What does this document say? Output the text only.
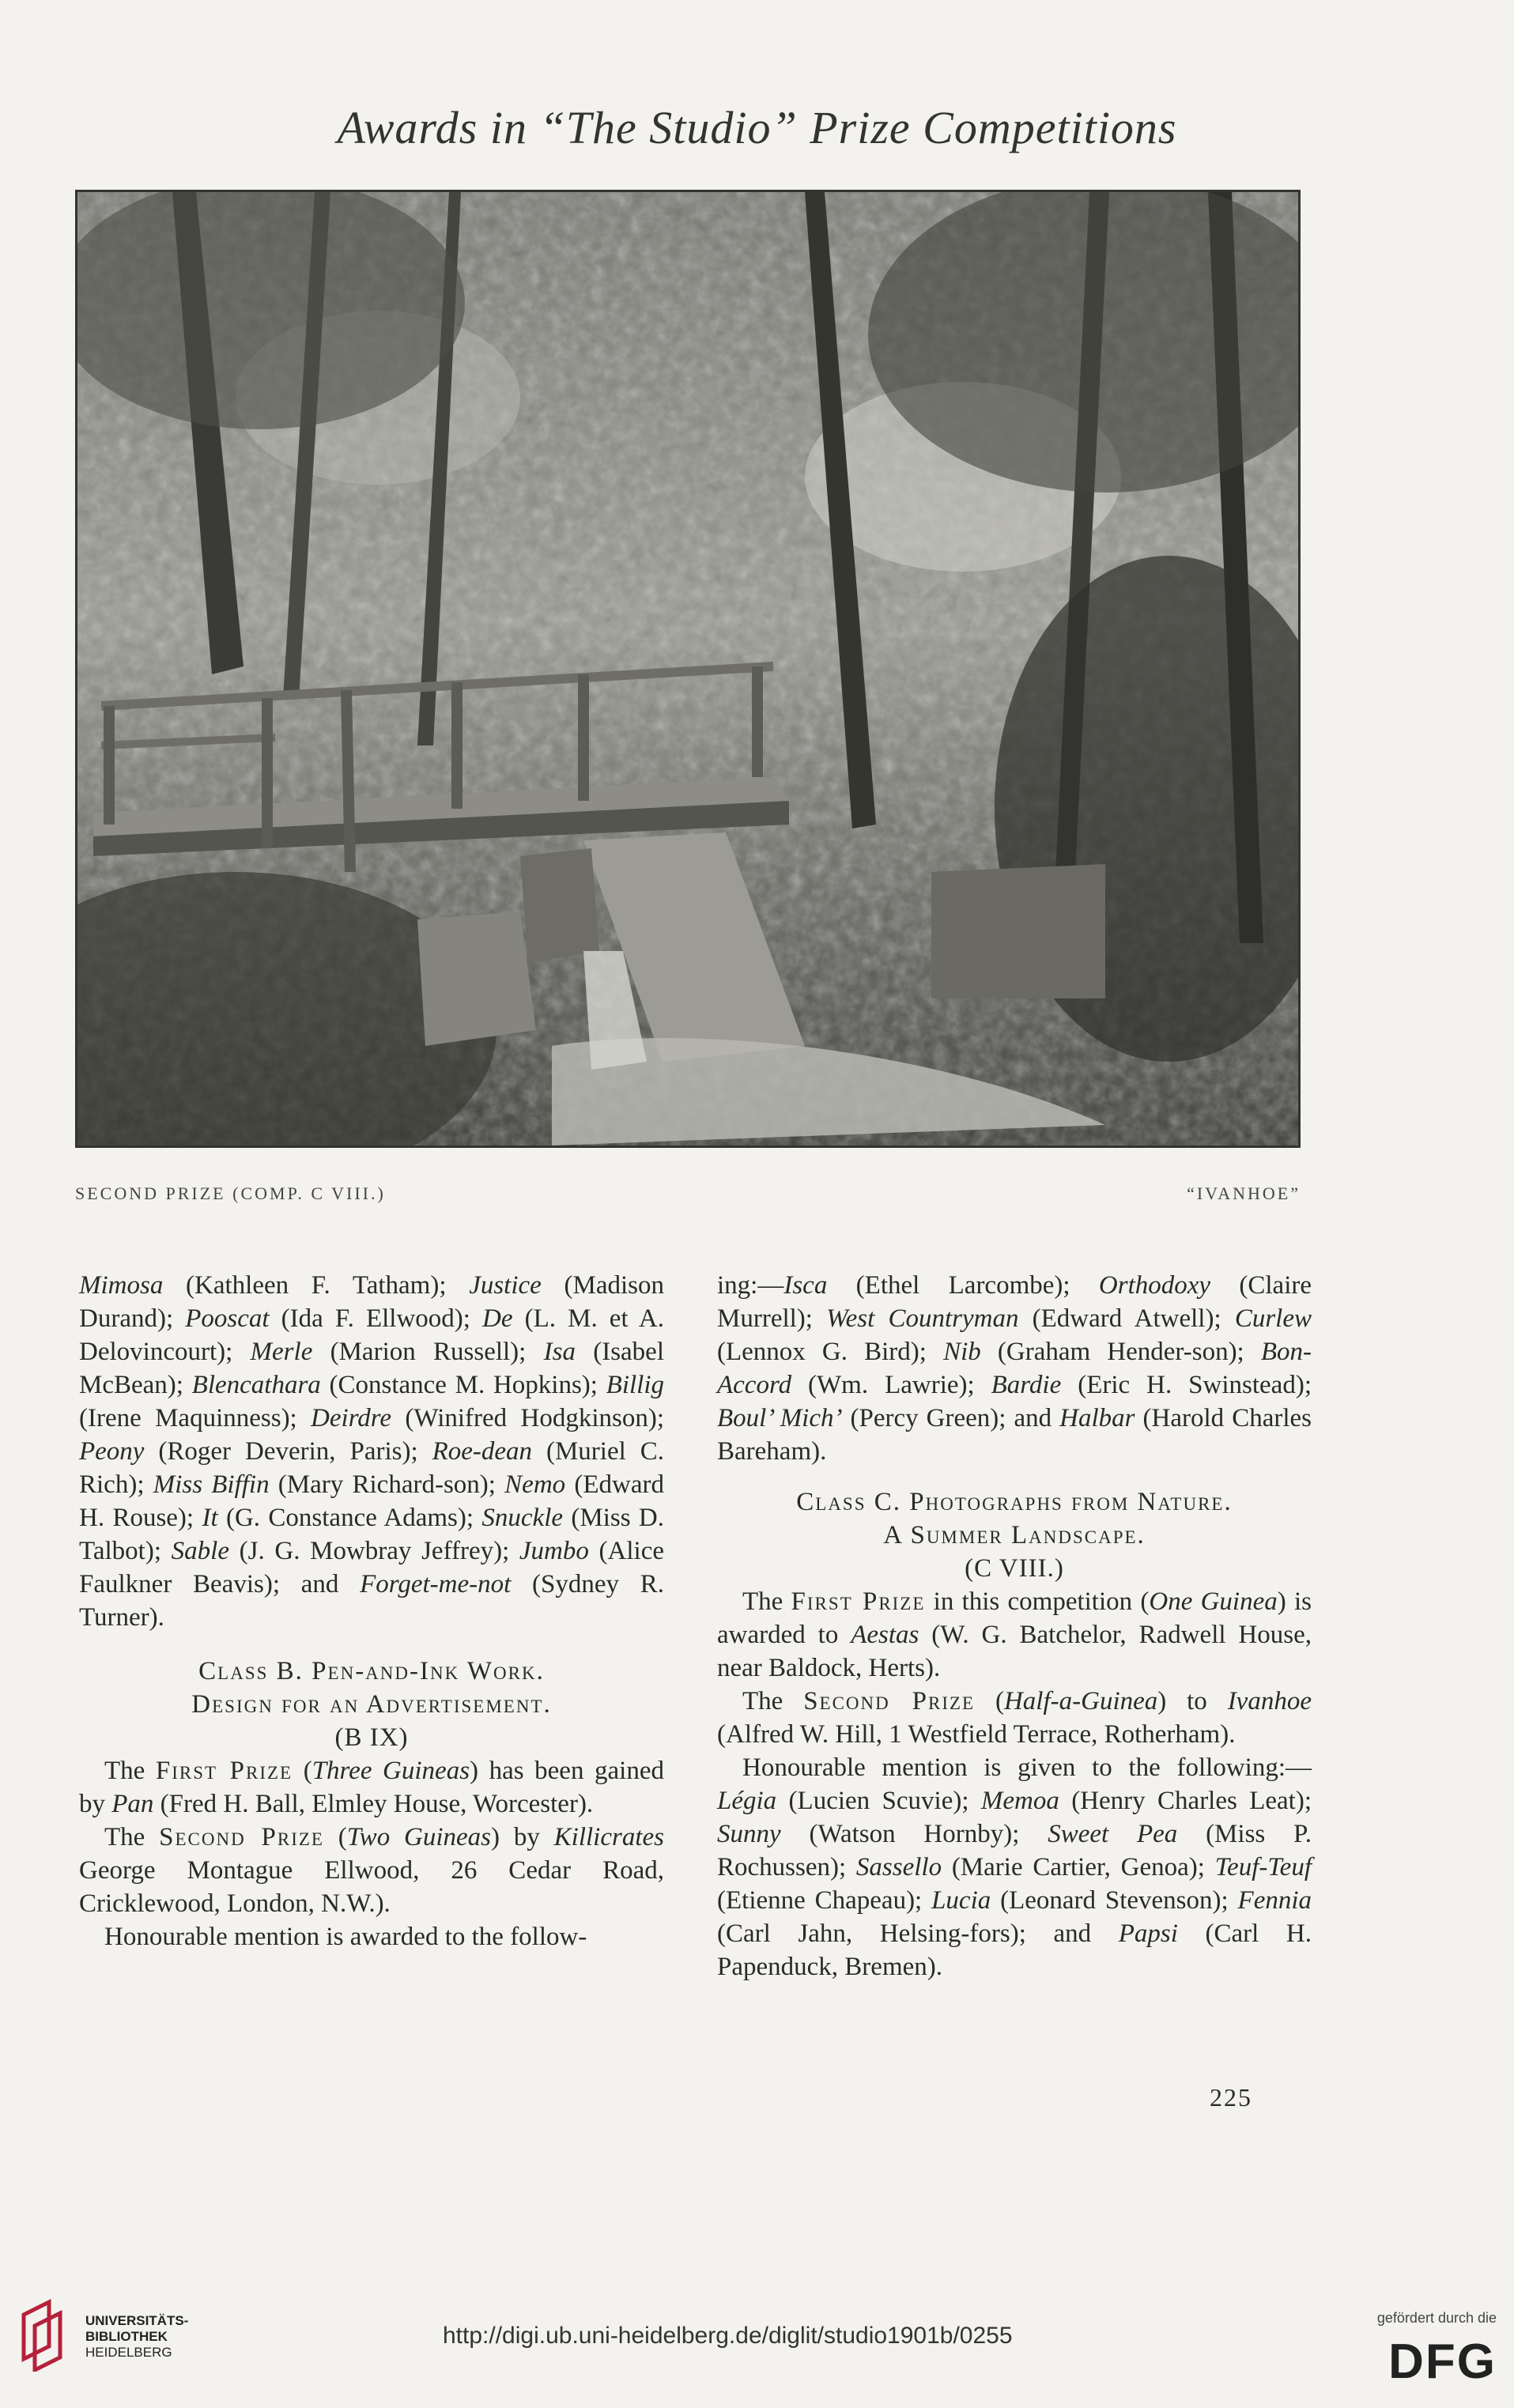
Awards in “The Studio” Prize Competitions
SECOND PRIZE (COMP. C VIII.)	“IVANHOE”

Mimosa (Kathleen F. Tatham); Justice (Madison Durand); Pooscat (Ida F. Ellwood); De (L. M. et A. Delovincourt); Merle (Marion Russell); Isa (Isabel McBean); Blencathara (Constance M. Hopkins); Billig (Irene Maquinness); Deirdre (Winifred Hodgkinson); Peony (Roger Deverin, Paris); Roe-dean (Muriel C. Rich); Miss Biffin (Mary Richard-son); Nemo (Edward H. Rouse); It (G. Constance Adams); Snuckle (Miss D. Talbot); Sable (J. G. Mowbray Jeffrey); Jumbo (Alice Faulkner Beavis); and Forget-me-not (Sydney R. Turner).

Class B. Pen-and-Ink Work.

Design for an Advertisement.

(B IX)

The First Prize (Three Guineas) has been gained by Pan (Fred H. Ball, Elmley House, Worcester).

The Second Prize (Two Guineas) by Killicrates George Montague Ellwood, 26 Cedar Road, Cricklewood, London, N.W.).

Honourable mention is awarded to the follow-

ing:—Isca (Ethel Larcombe); Orthodoxy (Claire Murrell); West Countryman (Edward Atwell); Curlew (Lennox G. Bird); Nib (Graham Hender-son); Bon-Accord (Wm. Lawrie); Bardie (Eric H. Swinstead); Boul’ Mich’ (Percy Green); and Halbar (Harold Charles Bareham).

Class C. Photographs from Nature.

A Summer Landscape.

(C VIII.)

The First Prize in this competition (One Guinea) is awarded to Aestas (W. G. Batchelor, Radwell House, near Baldock, Herts).

The Second Prize (Half-a-Guinea) to Ivanhoe (Alfred W. Hill, 1 Westfield Terrace, Rotherham).

Honourable mention is given to the following:— Légia (Lucien Scuvie); Memoa (Henry Charles Leat); Sunny (Watson Hornby); Sweet Pea (Miss P. Rochussen); Sassello (Marie Cartier, Genoa); Teuf-Teuf (Etienne Chapeau); Lucia (Leonard Stevenson); Fennia (Carl Jahn, Helsing-fors); and Papsi (Carl H. Papenduck, Bremen).

225
UNIVERSITÄTS-
BIBLIOTHEK
HEIDELBERG
http://digi.ub.uni-heidelberg.de/diglit/studio1901b/0255
gefördert durch die
DFG
